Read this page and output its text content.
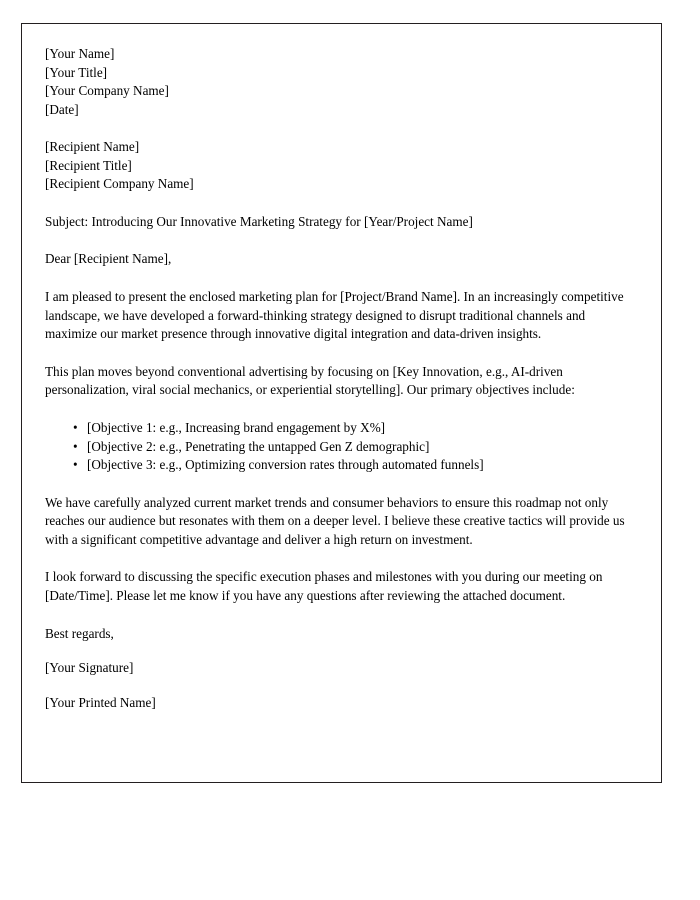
[Your Name]
[Your Title]
[Your Company Name]
[Date]
[Recipient Name]
[Recipient Title]
[Recipient Company Name]

Subject: Introducing Our Innovative Marketing Strategy for [Year/Project Name]

Dear [Recipient Name],

I am pleased to present the enclosed marketing plan for [Project/Brand Name]. In an increasingly competitive landscape, we have developed a forward-thinking strategy designed to disrupt traditional channels and maximize our market presence through innovative digital integration and data-driven insights.

This plan moves beyond conventional advertising by focusing on [Key Innovation, e.g., AI-driven personalization, viral social mechanics, or experiential storytelling]. Our primary objectives include:

• [Objective 1: e.g., Increasing brand engagement by X%]
• [Objective 2: e.g., Penetrating the untapped Gen Z demographic]
• [Objective 3: e.g., Optimizing conversion rates through automated funnels]

We have carefully analyzed current market trends and consumer behaviors to ensure this roadmap not only reaches our audience but resonates with them on a deeper level. I believe these creative tactics will provide us with a significant competitive advantage and deliver a high return on investment.

I look forward to discussing the specific execution phases and milestones with you during our meeting on [Date/Time]. Please let me know if you have any questions after reviewing the attached document.

Best regards,

[Your Signature]

[Your Printed Name]
